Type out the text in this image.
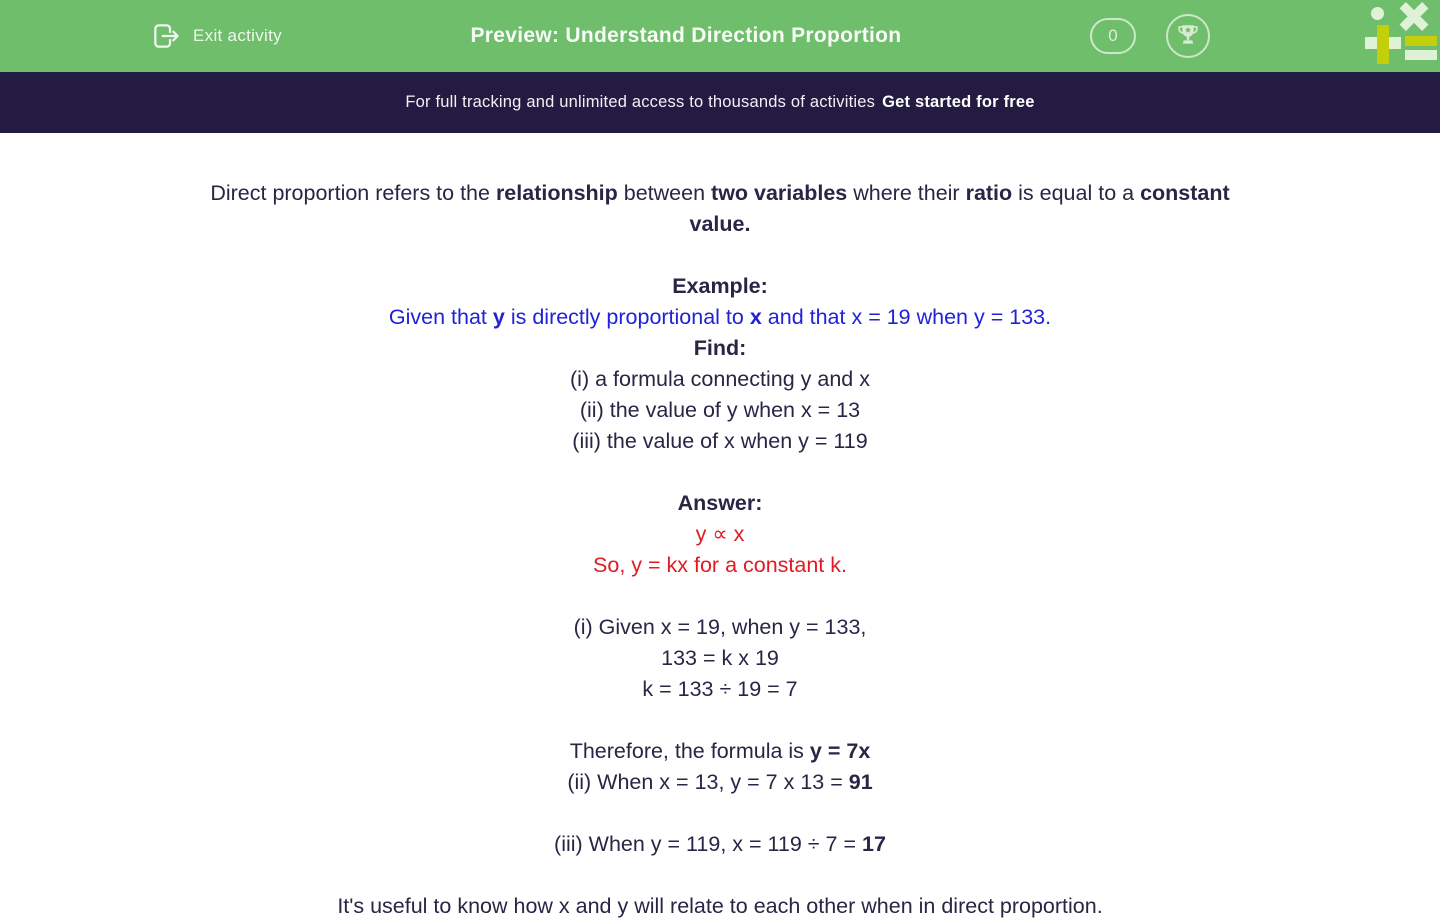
Exit activity	Preview: Understand Direction Proportion	0
For full tracking and unlimited access to thousands of activities Get started for free
Direct proportion refers to the relationship between two variables where their ratio is equal to a constant
value.
Example:
Given that y is directly proportional to x and that x = 19 when y = 133.
Find:
(i) a formula connecting y and x
(ii) the value of y when x = 13
(iii) the value of x when y = 119
Answer:
y ∝ x
So, y = kx for a constant k.
(i) Given x = 19, when y = 133,
133 = k x 19
k = 133 ÷ 19 = 7
Therefore, the formula is y = 7x
(ii) When x = 13, y = 7 x 13 = 91
(iii) When y = 119, x = 119 ÷ 7 = 17
It's useful to know how x and y will relate to each other when in direct proportion.
